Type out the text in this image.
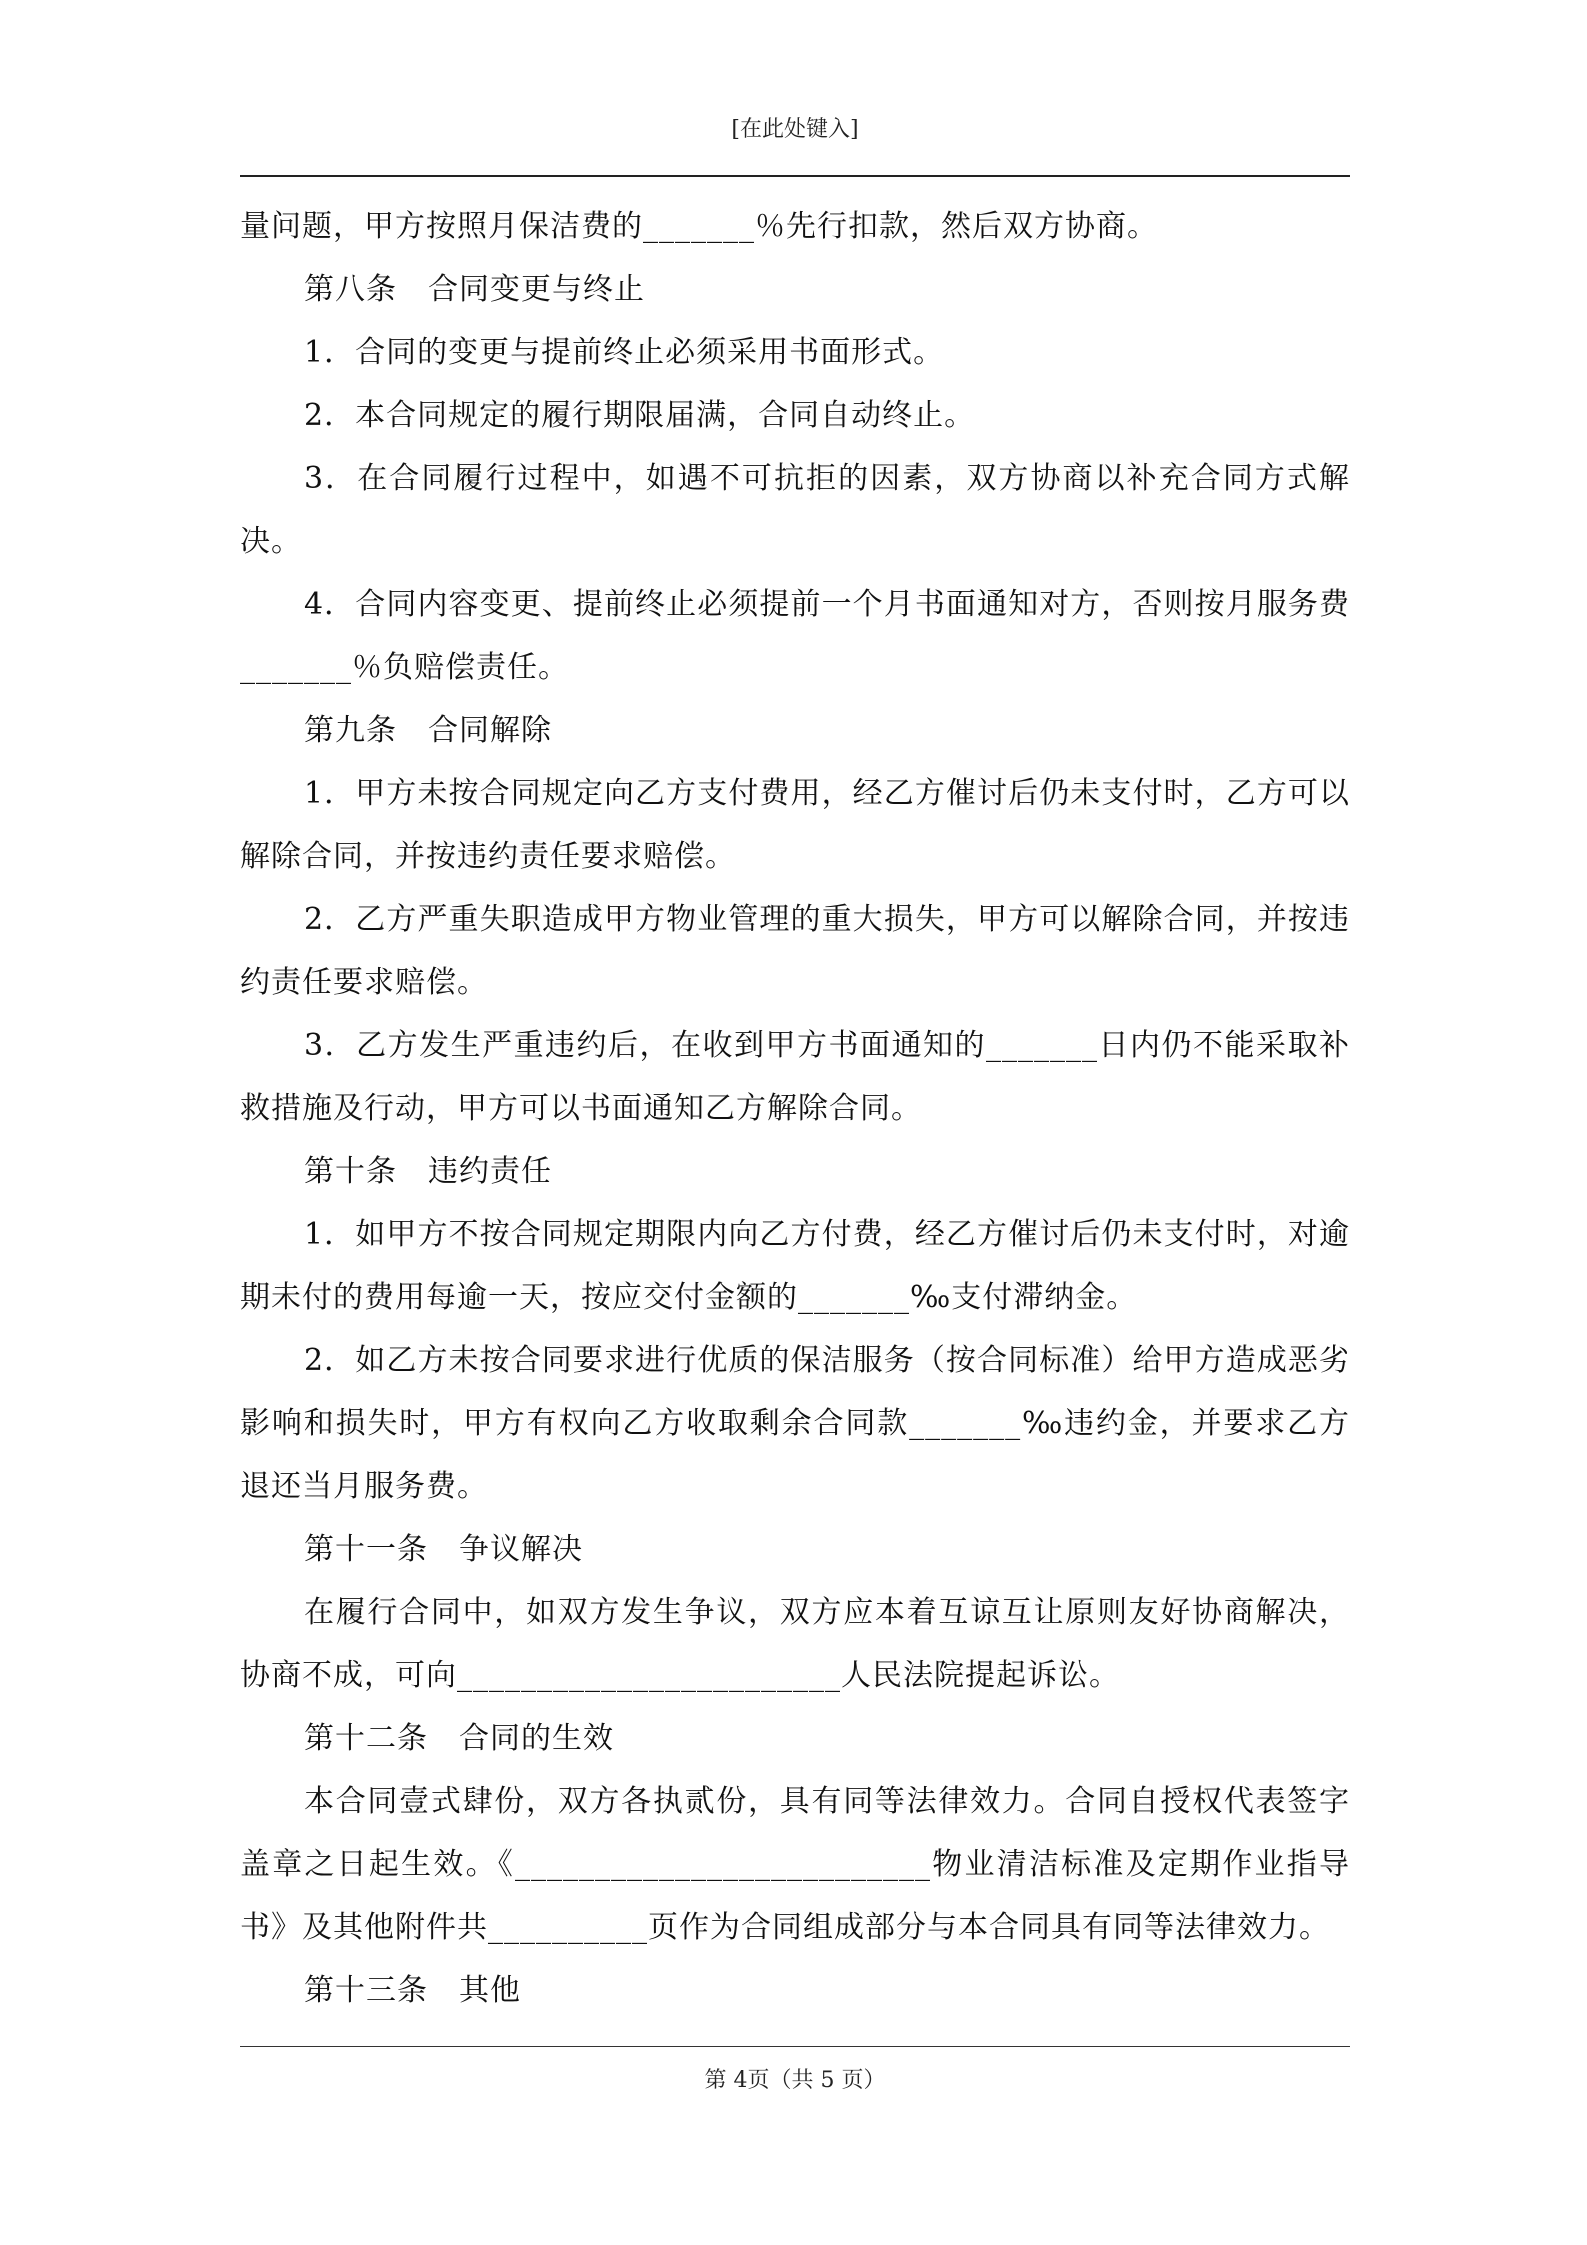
[在此处键入]

量问题，甲方按照月保洁费的_______％先行扣款，然后双方协商。

第八条　合同变更与终止

1．合同的变更与提前终止必须采用书面形式。

2．本合同规定的履行期限届满，合同自动终止。

3．在合同履行过程中，如遇不可抗拒的因素，双方协商以补充合同方式解决。

4．合同内容变更、提前终止必须提前一个月书面通知对方，否则按月服务费_______％负赔偿责任。

第九条　合同解除

1．甲方未按合同规定向乙方支付费用，经乙方催讨后仍未支付时，乙方可以解除合同，并按违约责任要求赔偿。

2．乙方严重失职造成甲方物业管理的重大损失，甲方可以解除合同，并按违约责任要求赔偿。

3．乙方发生严重违约后，在收到甲方书面通知的_______日内仍不能采取补救措施及行动，甲方可以书面通知乙方解除合同。

第十条　违约责任

1．如甲方不按合同规定期限内向乙方付费，经乙方催讨后仍未支付时，对逾期未付的费用每逾一天，按应交付金额的_______‰支付滞纳金。

2．如乙方未按合同要求进行优质的保洁服务（按合同标准）给甲方造成恶劣影响和损失时，甲方有权向乙方收取剩余合同款_______‰违约金，并要求乙方退还当月服务费。

第十一条　争议解决

在履行合同中，如双方发生争议，双方应本着互谅互让原则友好协商解决，协商不成，可向________________________人民法院提起诉讼。

第十二条　合同的生效

本合同壹式肆份，双方各执贰份，具有同等法律效力。合同自授权代表签字盖章之日起生效。《__________________________物业清洁标准及定期作业指导书》及其他附件共__________页作为合同组成部分与本合同具有同等法律效力。

第十三条　其他

第 4页（共 5 页）
